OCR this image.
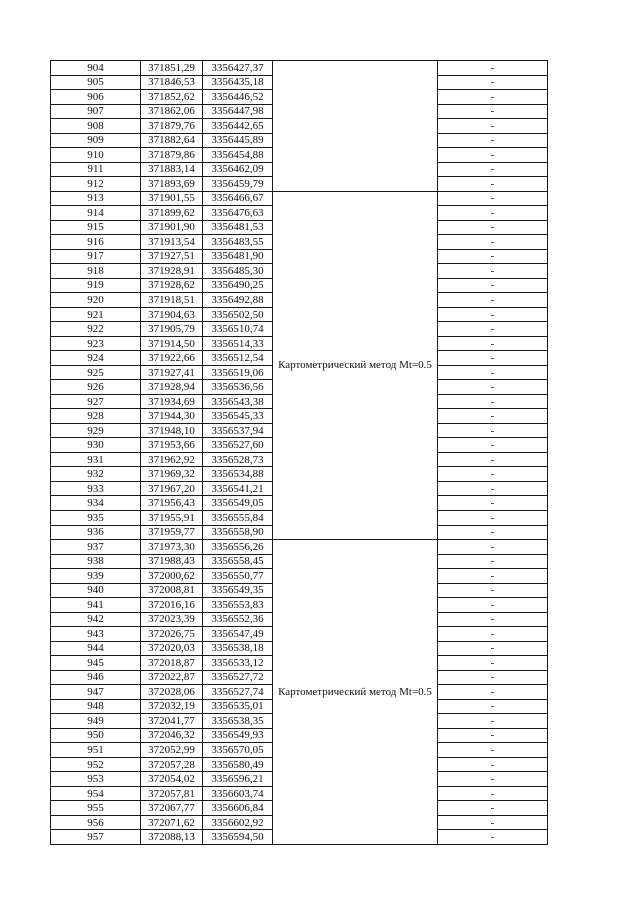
904	371851,29	3356427,37		-
905	371846,53	3356435,18		-
906	371852,62	3356446,52		-
907	371862,06	3356447,98		-
908	371879,76	3356442,65		-
909	371882,64	3356445,89		-
910	371879,86	3356454,88		-
911	371883,14	3356462,09		-
912	371893,69	3356459,79		-
913	371901,55	3356466,67	Картометрический метод Mt=0.5	-
914	371899,62	3356476,63		-
915	371901,90	3356481,53		-
916	371913,54	3356483,55		-
917	371927,51	3356481,90		-
918	371928,91	3356485,30		-
919	371928,62	3356490,25		-
920	371918,51	3356492,88		-
921	371904,63	3356502,50		-
922	371905,79	3356510,74		-
923	371914,50	3356514,33		-
924	371922,66	3356512,54		-
925	371927,41	3356519,06		-
926	371928,94	3356536,56		-
927	371934,69	3356543,38		-
928	371944,30	3356545,33		-
929	371948,10	3356537,94		-
930	371953,66	3356527,60		-
931	371962,92	3356528,73		-
932	371969,32	3356534,88		-
933	371967,20	3356541,21		-
934	371956,43	3356549,05		-
935	371955,91	3356555,84		-
936	371959,77	3356558,90		-
937	371973,30	3356556,26	Картометрический метод Mt=0.5	-
938	371988,43	3356558,45		-
939	372000,62	3356550,77		-
940	372008,81	3356549,35		-
941	372016,16	3356553,83		-
942	372023,39	3356552,36		-
943	372026,75	3356547,49		-
944	372020,03	3356538,18		-
945	372018,87	3356533,12		-
946	372022,87	3356527,72		-
947	372028,06	3356527,74		-
948	372032,19	3356535,01		-
949	372041,77	3356538,35		-
950	372046,32	3356549,93		-
951	372052,99	3356570,05		-
952	372057,28	3356580,49		-
953	372054,02	3356596,21		-
954	372057,81	3356603,74		-
955	372067,77	3356606,84		-
956	372071,62	3356602,92		-
957	372088,13	3356594,50		-
